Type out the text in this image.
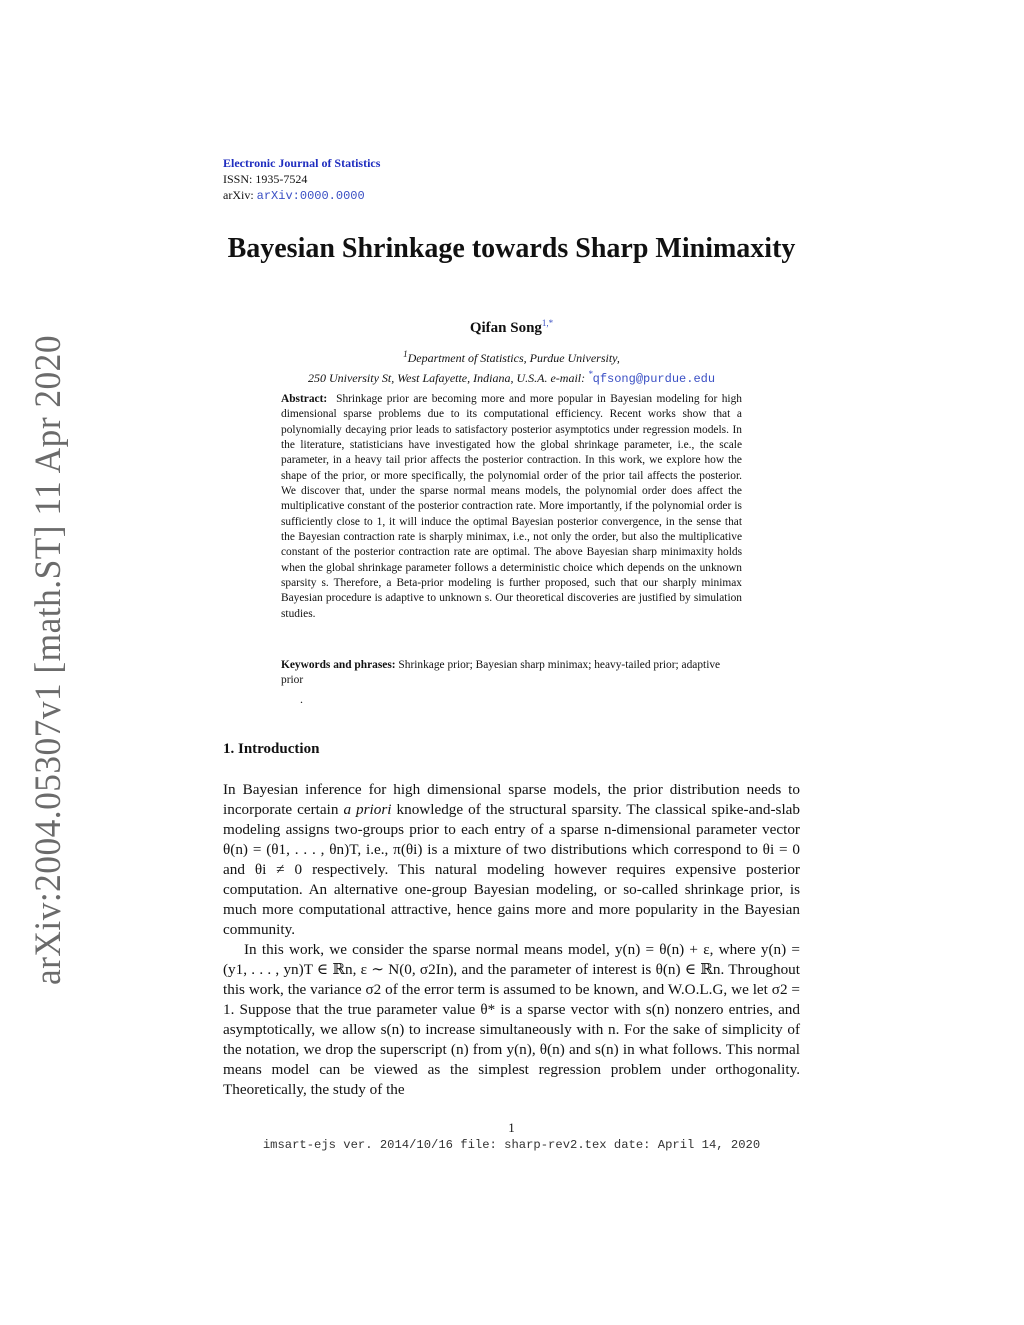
arXiv:2004.05307v1 [math.ST] 11 Apr 2020
Electronic Journal of Statistics
ISSN: 1935-7524
arXiv: arXiv:0000.0000
Bayesian Shrinkage towards Sharp Minimaxity
Qifan Song$^{1,*}$
$^1$Department of Statistics, Purdue University,
250 University St, West Lafayette, Indiana, U.S.A. e-mail: *qfsong@purdue.edu
Abstract: Shrinkage prior are becoming more and more popular in Bayesian modeling for high dimensional sparse problems due to its computational efficiency. Recent works show that a polynomially decaying prior leads to satisfactory posterior asymptotics under regression models. In the literature, statisticians have investigated how the global shrinkage parameter, i.e., the scale parameter, in a heavy tail prior affects the posterior contraction. In this work, we explore how the shape of the prior, or more specifically, the polynomial order of the prior tail affects the posterior. We discover that, under the sparse normal means models, the polynomial order does affect the multiplicative constant of the posterior contraction rate. More importantly, if the polynomial order is sufficiently close to 1, it will induce the optimal Bayesian posterior convergence, in the sense that the Bayesian contraction rate is sharply minimax, i.e., not only the order, but also the multiplicative constant of the posterior contraction rate are optimal. The above Bayesian sharp minimaxity holds when the global shrinkage parameter follows a deterministic choice which depends on the unknown sparsity s. Therefore, a Beta-prior modeling is further proposed, such that our sharply minimax Bayesian procedure is adaptive to unknown s. Our theoretical discoveries are justified by simulation studies.
Keywords and phrases: Shrinkage prior; Bayesian sharp minimax; heavy-tailed prior; adaptive prior
.
1. Introduction

In Bayesian inference for high dimensional sparse models, the prior distribution needs to incorporate certain a priori knowledge of the structural sparsity. The classical spike-and-slab modeling assigns two-groups prior to each entry of a sparse n-dimensional parameter vector θ(n) = (θ1, . . . , θn)T, i.e., π(θi) is a mixture of two distributions which correspond to θi = 0 and θi ≠ 0 respectively. This natural modeling however requires expensive posterior computation. An alternative one-group Bayesian modeling, or so-called shrinkage prior, is much more computational attractive, hence gains more and more popularity in the Bayesian community.

In this work, we consider the sparse normal means model, y(n) = θ(n) + ε, where y(n) = (y1, . . . , yn)T ∈ ℝn, ε ∼ N(0, σ2In), and the parameter of interest is θ(n) ∈ ℝn. Throughout this work, the variance σ2 of the error term is assumed to be known, and W.O.L.G, we let σ2 = 1. Suppose that the true parameter value θ* is a sparse vector with s(n) nonzero entries, and asymptotically, we allow s(n) to increase simultaneously with n. For the sake of simplicity of the notation, we drop the superscript (n) from y(n), θ(n) and s(n) in what follows. This normal means model can be viewed as the simplest regression problem under orthogonality. Theoretically, the study of the

1
imsart-ejs ver. 2014/10/16 file: sharp-rev2.tex date: April 14, 2020
